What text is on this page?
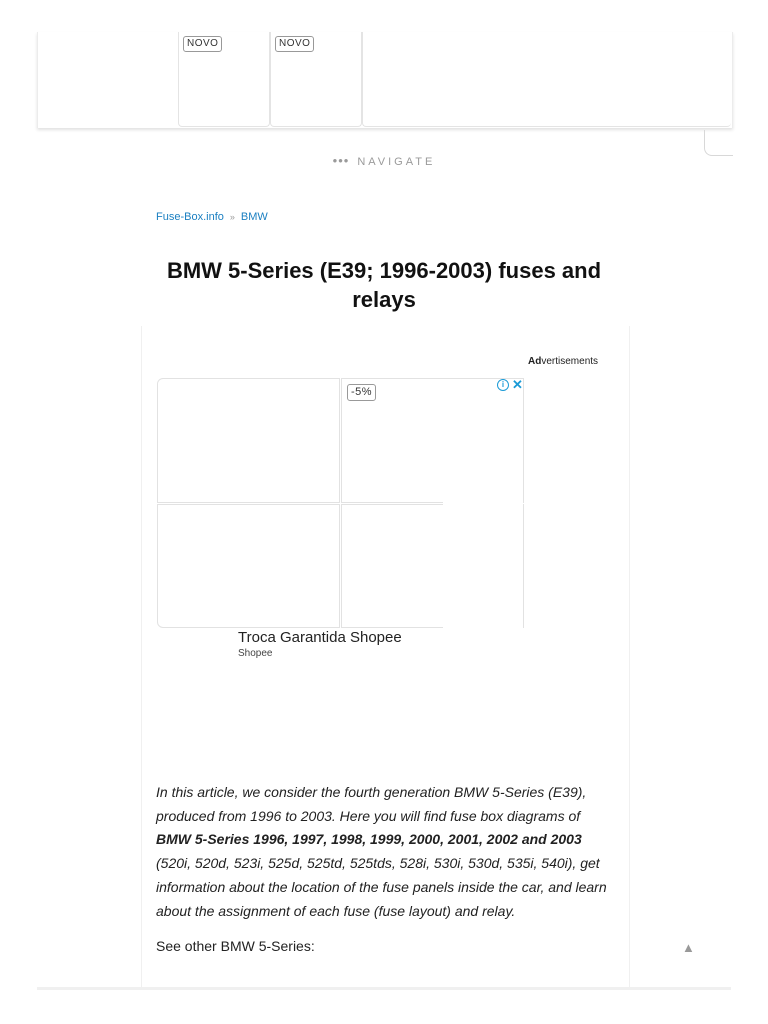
NOVO	NOVO
••• NAVIGATE
Fuse-Box.info » BMW
BMW 5-Series (E39; 1996-2003) fuses and relays
Advertisements
-5%
i ✕
Troca Garantida Shopee
Shopee

In this article, we consider the fourth generation BMW 5-Series (E39), produced from 1996 to 2003. Here you will find fuse box diagrams of BMW 5-Series 1996, 1997, 1998, 1999, 2000, 2001, 2002 and 2003 (520i, 520d, 523i, 525d, 525td, 525tds, 528i, 530i, 530d, 535i, 540i), get information about the location of the fuse panels inside the car, and learn about the assignment of each fuse (fuse layout) and relay.

See other BMW 5-Series:	▲
